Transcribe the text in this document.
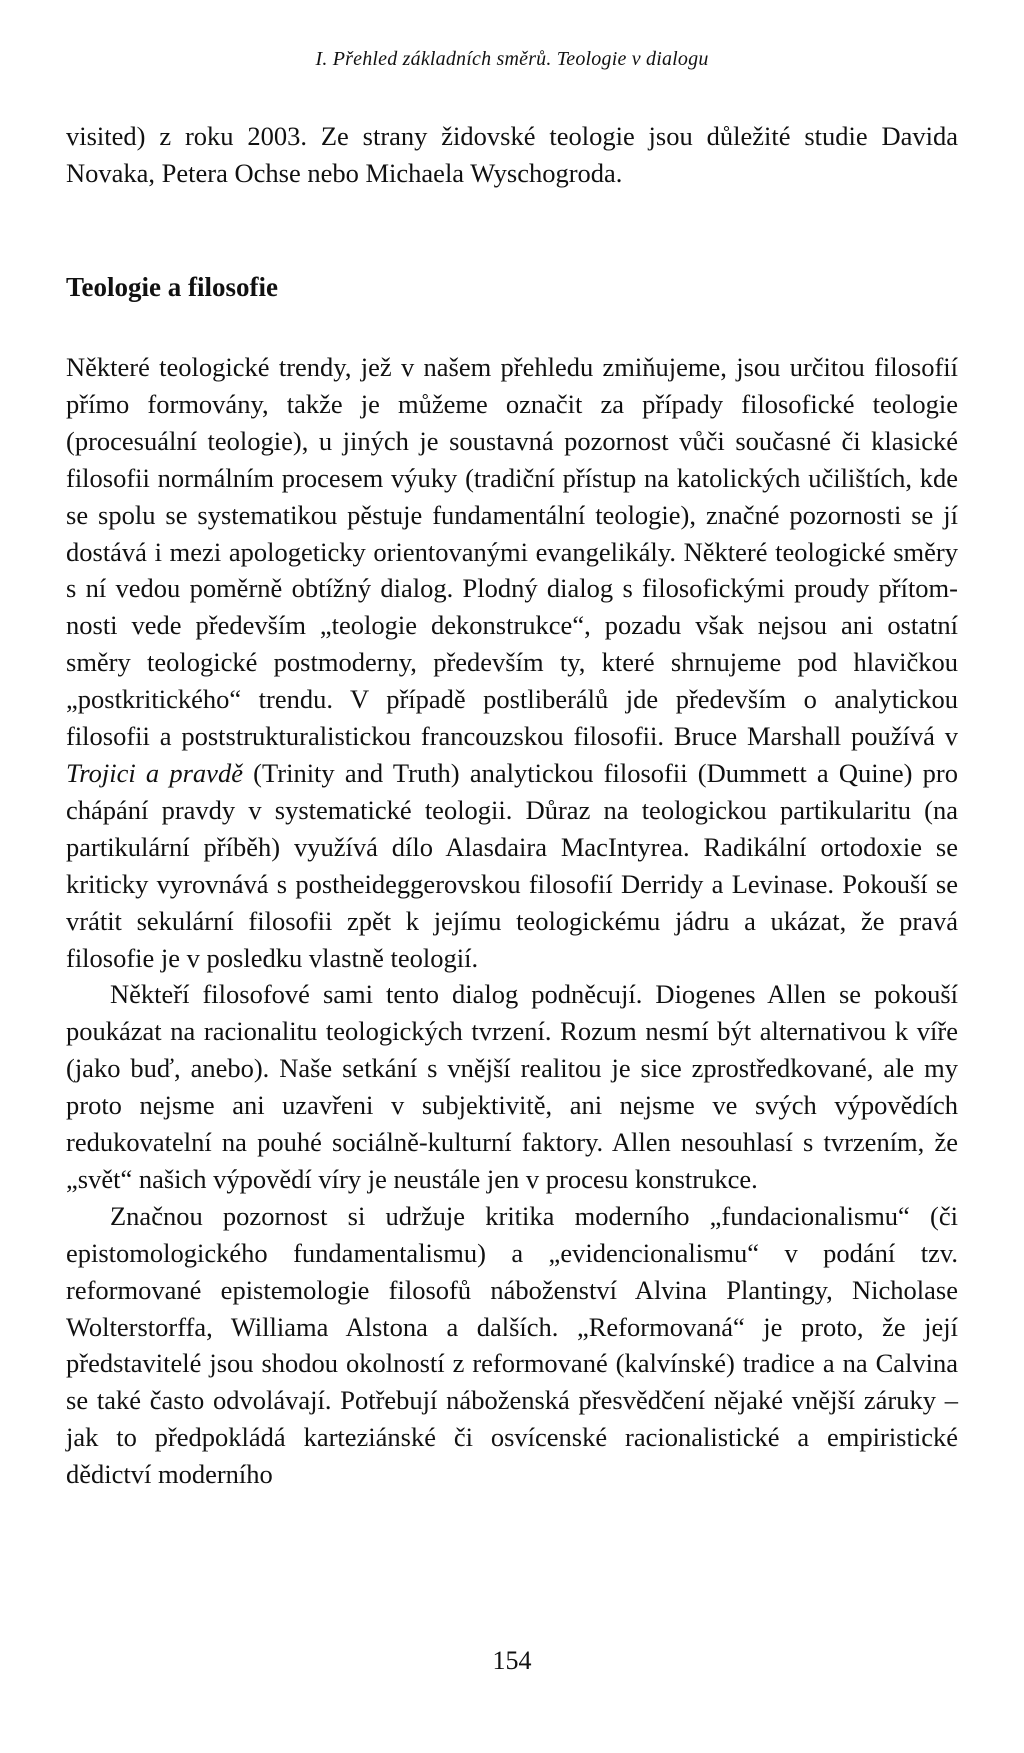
I. Přehled základních směrů. Teologie v dialogu

visited) z roku 2003. Ze strany židovské teologie jsou důležité studie Davida Novaka, Petera Ochse nebo Michaela Wyschogroda.

Teologie a filosofie

Některé teologické trendy, jež v našem přehledu zmiňujeme, jsou určitou filosofií přímo formovány, takže je můžeme označit za případy filosofické teologie (procesuální teologie), u jiných je soustavná pozornost vůči současné či klasické filosofii normálním procesem výuky (tradiční přístup na katolických učilištích, kde se spolu se systematikou pěstuje fundamentální teologie), značné pozornosti se jí dostává i mezi apologeticky orientovanými evangelikály. Některé teologické směry s ní vedou poměrně obtížný dialog. Plodný dialog s filosofickými proudy přítomnosti vede především „teologie dekonstrukce“, pozadu však nejsou ani ostatní směry teologické postmoderny, především ty, které shrnujeme pod hlavičkou „postkritického“ trendu. V případě postliberálů jde především o analytickou filosofii a poststrukturalistickou francouzskou filosofii. Bruce Marshall používá v Trojici a pravdě (Trinity and Truth) analytickou filosofii (Dummett a Quine) pro chápání pravdy v systematické teologii. Důraz na teologickou partikularitu (na partikulární příběh) využívá dílo Alasdaira MacIntyrea. Radikální ortodoxie se kriticky vyrovnává s postheideggerovskou filosofií Derridy a Levinase. Pokouší se vrátit sekulární filosofii zpět k jejímu teologickému jádru a ukázat, že pravá filosofie je v posledku vlastně teologií.

Někteří filosofové sami tento dialog podněcují. Diogenes Allen se pokouší poukázat na racionalitu teologických tvrzení. Rozum nesmí být alternativou k víře (jako buď, anebo). Naše setkání s vnější realitou je sice zprostředkované, ale my proto nejsme ani uzavřeni v subjektivitě, ani nejsme ve svých výpovědích redukovatelní na pouhé sociálně-kulturní faktory. Allen nesouhlasí s tvrzením, že „svět“ našich výpovědí víry je neustále jen v procesu konstrukce.

Značnou pozornost si udržuje kritika moderního „fundacionalismu“ (či epistomologického fundamentalismu) a „evidencionalismu“ v podání tzv. reformované epistemologie filosofů náboženství Alvina Plantingy, Nicholase Wolterstorffa, Williama Alstona a dalších. „Reformovaná“ je proto, že její představitelé jsou shodou okolností z reformované (kalvínské) tradice a na Calvina se také často odvolávají. Potřebují náboženská přesvědčení nějaké vnější záruky – jak to předpokládá karteziánské či osvícenské racionalistické a empiristické dědictví moderního

154
